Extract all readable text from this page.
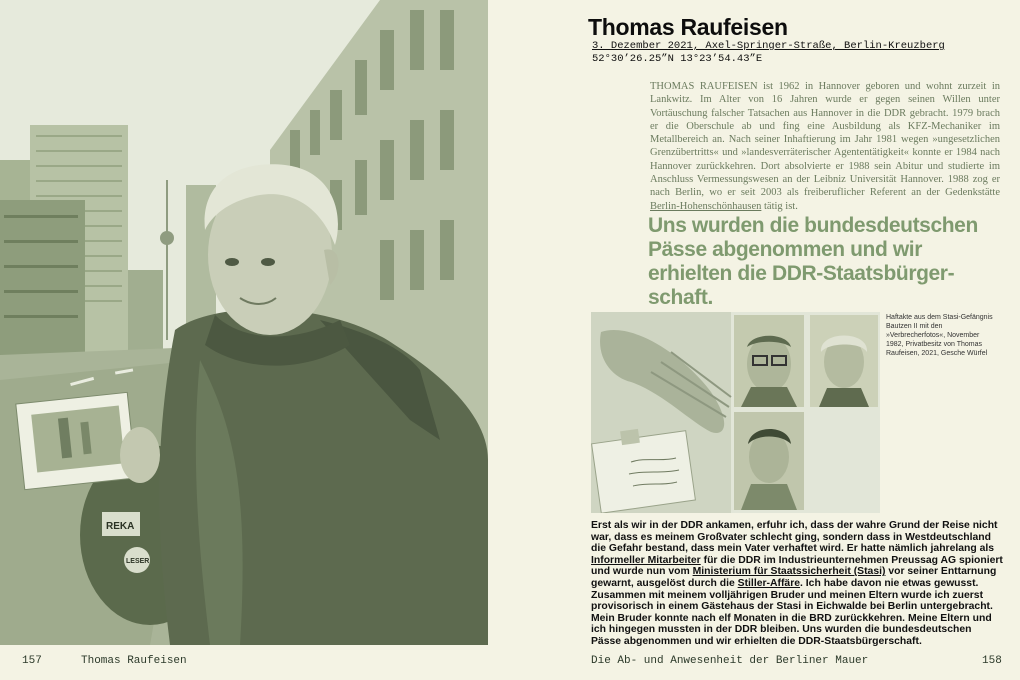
REKA
LESER
157	Thomas Raufeisen
Thomas Raufeisen
3. Dezember 2021, Axel-Springer-Straße, Berlin-Kreuzberg
52°30’26.25”N 13°23’54.43”E
THOMAS RAUFEISEN ist 1962 in Hannover geboren und wohnt zurzeit in Lankwitz. Im Alter von 16 Jahren wurde er gegen seinen Willen unter Vortäuschung falscher Tatsachen aus Hannover in die DDR gebracht. 1979 brach er die Oberschule ab und fing eine Ausbildung als KFZ-Mechaniker im Metallbereich an. Nach seiner Inhaftierung im Jahr 1981 wegen »ungesetzlichen Grenzübertritts« und »landesverräterischer Agententätigkeit« konnte er 1984 nach Hannover zurückkehren. Dort absolvierte er 1988 sein Abitur und studierte im Anschluss Vermessungswesen an der Leibniz Universität Hannover. 1988 zog er nach Berlin, wo er seit 2003 als freiberuflicher Referent an der Gedenkstätte Berlin-Hohenschönhausen tätig ist.
Uns wurden die bundesdeutschen Pässe abgenommen und wir erhielten die DDR-Staatsbürger-schaft.
Haftakte aus dem Stasi-Gefängnis Bautzen II mit den »Verbrecherfotos«, November 1982, Privatbesitz von Thomas Raufeisen, 2021, Gesche Würfel
Erst als wir in der DDR ankamen, erfuhr ich, dass der wahre Grund der Reise nicht war, dass es meinem Großvater schlecht ging, sondern dass in Westdeutschland die Gefahr bestand, dass mein Vater verhaftet wird. Er hatte nämlich jahrelang als Informeller Mitarbeiter für die DDR im Industrieunternehmen Preussag AG spioniert und wurde nun vom Ministerium für Staatssicherheit (Stasi) vor seiner Enttarnung gewarnt, ausgelöst durch die Stiller-Affäre. Ich habe davon nie etwas gewusst. Zusammen mit meinem volljährigen Bruder und meinen Eltern wurde ich zuerst provisorisch in einem Gästehaus der Stasi in Eichwalde bei Berlin untergebracht. Mein Bruder konnte nach elf Monaten in die BRD zurückkehren. Meine Eltern und ich hingegen mussten in der DDR bleiben. Uns wurden die bundesdeutschen Pässe abgenommen und wir erhielten die DDR-Staatsbürgerschaft.
Die Ab- und Anwesenheit der Berliner Mauer	158
